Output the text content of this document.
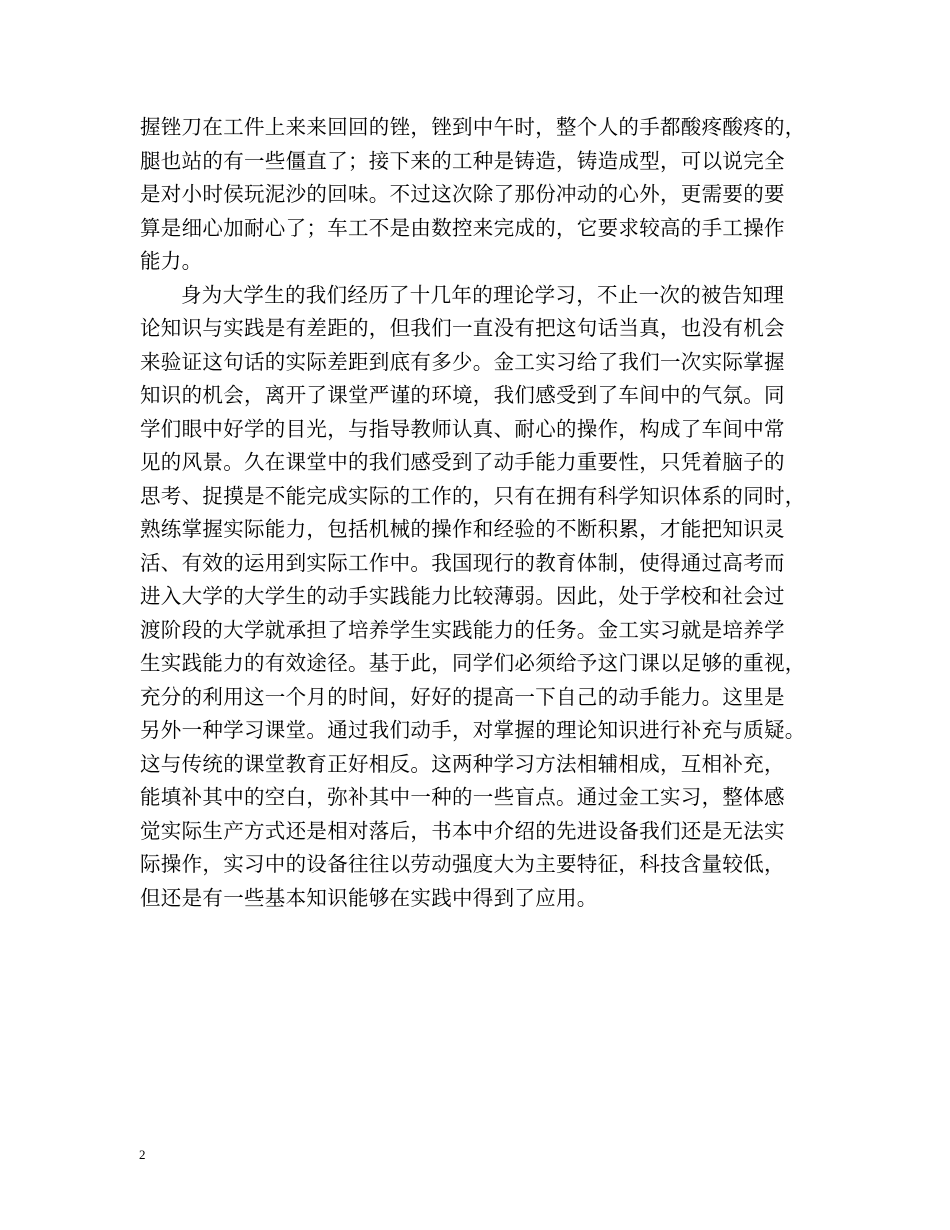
握锉刀在工件上来来回回的锉，锉到中午时，整个人的手都酸疼酸疼的，
腿也站的有一些僵直了；接下来的工种是铸造，铸造成型，可以说完全
是对小时侯玩泥沙的回味。不过这次除了那份冲动的心外，更需要的要
算是细心加耐心了；车工不是由数控来完成的，它要求较高的手工操作
能力。
身为大学生的我们经历了十几年的理论学习，不止一次的被告知理
论知识与实践是有差距的，但我们一直没有把这句话当真，也没有机会
来验证这句话的实际差距到底有多少。金工实习给了我们一次实际掌握
知识的机会，离开了课堂严谨的环境，我们感受到了车间中的气氛。同
学们眼中好学的目光，与指导教师认真、耐心的操作，构成了车间中常
见的风景。久在课堂中的我们感受到了动手能力重要性，只凭着脑子的
思考、捉摸是不能完成实际的工作的，只有在拥有科学知识体系的同时，
熟练掌握实际能力，包括机械的操作和经验的不断积累，才能把知识灵
活、有效的运用到实际工作中。我国现行的教育体制，使得通过高考而
进入大学的大学生的动手实践能力比较薄弱。因此，处于学校和社会过
渡阶段的大学就承担了培养学生实践能力的任务。金工实习就是培养学
生实践能力的有效途径。基于此，同学们必须给予这门课以足够的重视，
充分的利用这一个月的时间，好好的提高一下自己的动手能力。这里是
另外一种学习课堂。通过我们动手，对掌握的理论知识进行补充与质疑。
这与传统的课堂教育正好相反。这两种学习方法相辅相成，互相补充，
能填补其中的空白，弥补其中一种的一些盲点。通过金工实习，整体感
觉实际生产方式还是相对落后，书本中介绍的先进设备我们还是无法实
际操作，实习中的设备往往以劳动强度大为主要特征，科技含量较低，
但还是有一些基本知识能够在实践中得到了应用。
2
